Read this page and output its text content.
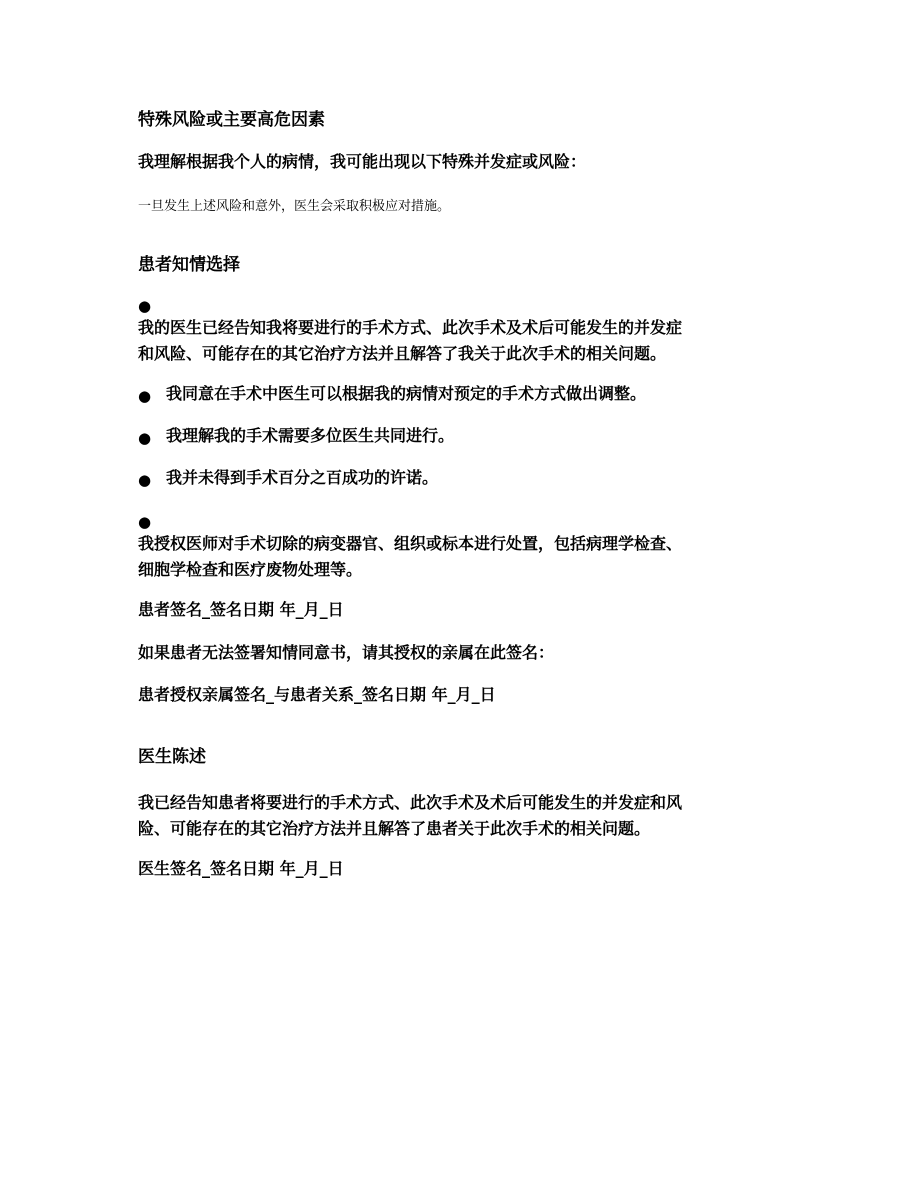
特殊风险或主要高危因素
我理解根据我个人的病情，我可能出现以下特殊并发症或风险：
一旦发生上述风险和意外，医生会采取积极应对措施。
患者知情选择
●
我的医生已经告知我将要进行的手术方式、此次手术及术后可能发生的并发症
和风险、可能存在的其它治疗方法并且解答了我关于此次手术的相关问题。
● 我同意在手术中医生可以根据我的病情对预定的手术方式做出调整。
● 我理解我的手术需要多位医生共同进行。
● 我并未得到手术百分之百成功的许诺。
●
我授权医师对手术切除的病变器官、组织或标本进行处置，包括病理学检查、
细胞学检查和医疗废物处理等。
患者签名_签名日期 年_月_日
如果患者无法签署知情同意书，请其授权的亲属在此签名：
患者授权亲属签名_与患者关系_签名日期 年_月_日
医生陈述
我已经告知患者将要进行的手术方式、此次手术及术后可能发生的并发症和风
险、可能存在的其它治疗方法并且解答了患者关于此次手术的相关问题。
医生签名_签名日期 年_月_日
